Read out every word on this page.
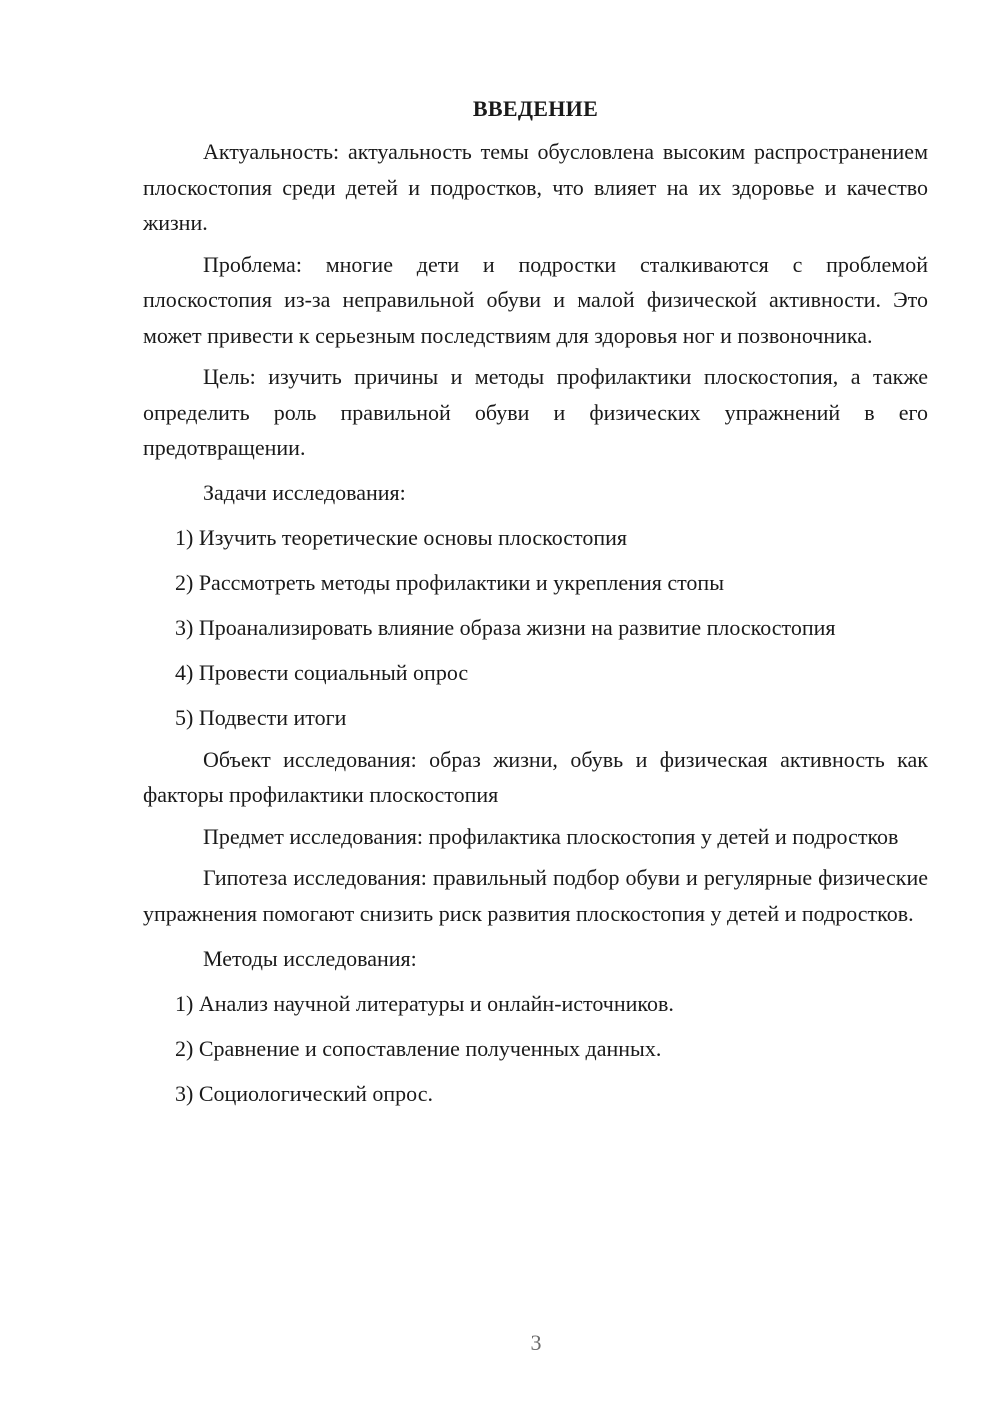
ВВЕДЕНИЕ

Актуальность: актуальность темы обусловлена высоким распространением плоскостопия среди детей и подростков, что влияет на их здоровье и качество жизни.

Проблема: многие дети и подростки сталкиваются с проблемой плоскостопия из-за неправильной обуви и малой физической активности. Это может привести к серьезным последствиям для здоровья ног и позвоночника.

Цель: изучить причины и методы профилактики плоскостопия, а также определить роль правильной обуви и физических упражнений в его предотвращении.

Задачи исследования:

1) Изучить теоретические основы плоскостопия

2) Рассмотреть методы профилактики и укрепления стопы

3) Проанализировать влияние образа жизни на развитие плоскостопия

4) Провести социальный опрос

5) Подвести итоги

Объект исследования: образ жизни, обувь и физическая активность как факторы профилактики плоскостопия

Предмет исследования: профилактика плоскостопия у детей и подростков

Гипотеза исследования: правильный подбор обуви и регулярные физические упражнения помогают снизить риск развития плоскостопия у детей и подростков.

Методы исследования:

1) Анализ научной литературы и онлайн-источников.

2) Сравнение и сопоставление полученных данных.

3) Социологический опрос.

3
